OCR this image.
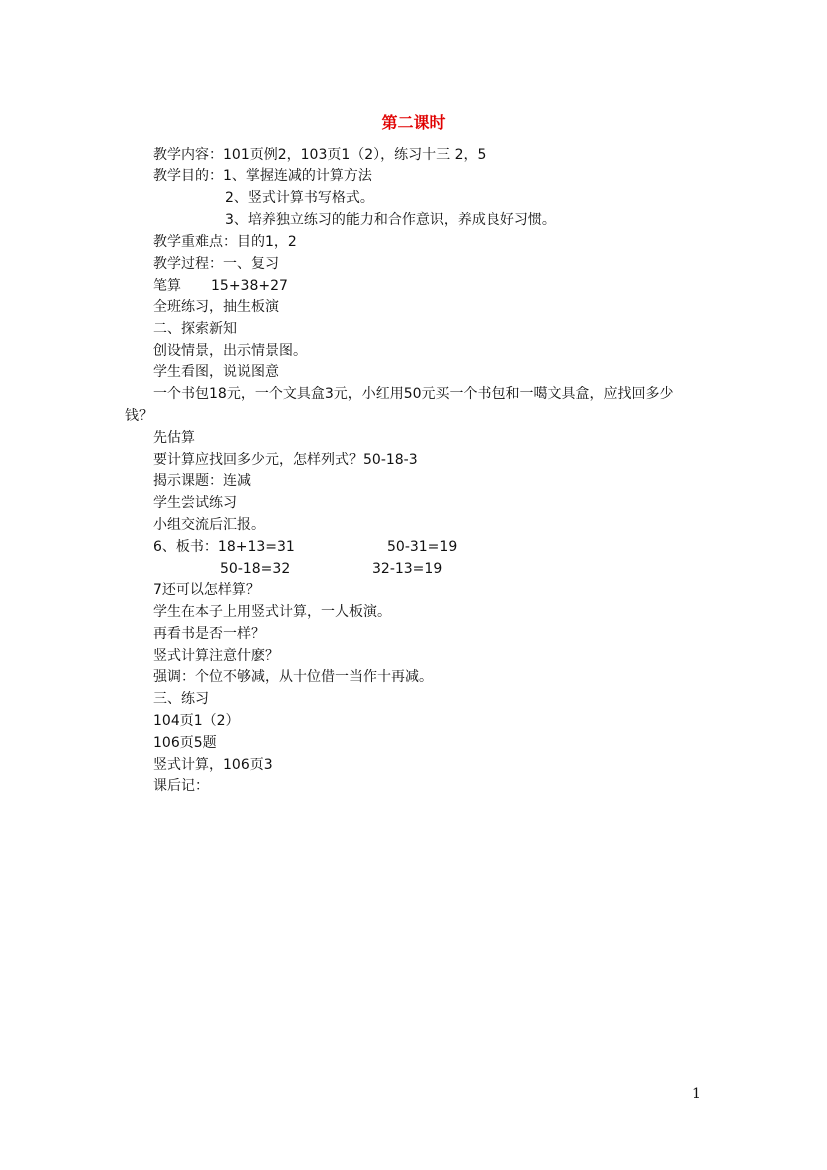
第二课时
教学内容：101页例2，103页1（2），练习十三 2，5
教学目的：1、掌握连减的计算方法
2、竖式计算书写格式。
3、培养独立练习的能力和合作意识，养成良好习惯。
教学重难点：目的1，2
教学过程：一、复习
笔算 15+38+27
全班练习，抽生板演
二、探索新知
创设情景，出示情景图。
学生看图，说说图意
一个书包18元，一个文具盒3元，小红用50元买一个书包和一噶文具盒，应找回多少
钱？
先估算
要计算应找回多少元，怎样列式？50-18-3
揭示课题：连减
学生尝试练习
小组交流后汇报。
6、板书：18+13=31	50-31=19
50-18=32	32-13=19
7还可以怎样算？
学生在本子上用竖式计算，一人板演。
再看书是否一样？
竖式计算注意什麽？
强调：个位不够减，从十位借一当作十再减。
三、练习
104页1（2）
106页5题
竖式计算，106页3
课后记：
1
